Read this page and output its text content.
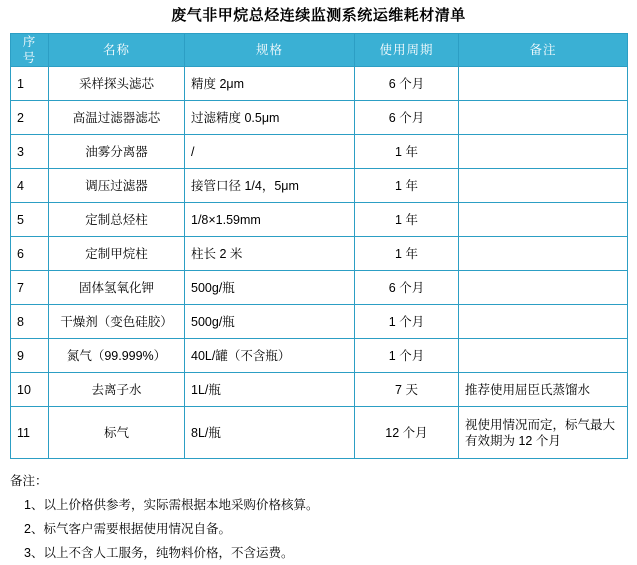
废气非甲烷总烃连续监测系统运维耗材清单
序号	名称	规格	使用周期	备注
1	采样探头滤芯	精度 2μm	6 个月	
2	高温过滤器滤芯	过滤精度 0.5μm	6 个月	
3	油雾分离器	/	1 年	
4	调压过滤器	接管口径 1/4，5μm	1 年	
5	定制总烃柱	1/8×1.59mm	1 年	
6	定制甲烷柱	柱长 2 米	1 年	
7	固体氢氧化钾	500g/瓶	6 个月	
8	干燥剂（变色硅胶）	500g/瓶	1 个月	
9	氮气（99.999%）	40L/罐（不含瓶）	1 个月	
10	去离子水	1L/瓶	7 天	推荐使用屈臣氏蒸馏水
11	标气	8L/瓶	12 个月	视使用情况而定，标气最大有效期为 12 个月
备注：
1、以上价格供参考，实际需根据本地采购价格核算。
2、标气客户需要根据使用情况自备。
3、以上不含人工服务，纯物料价格，不含运费。
